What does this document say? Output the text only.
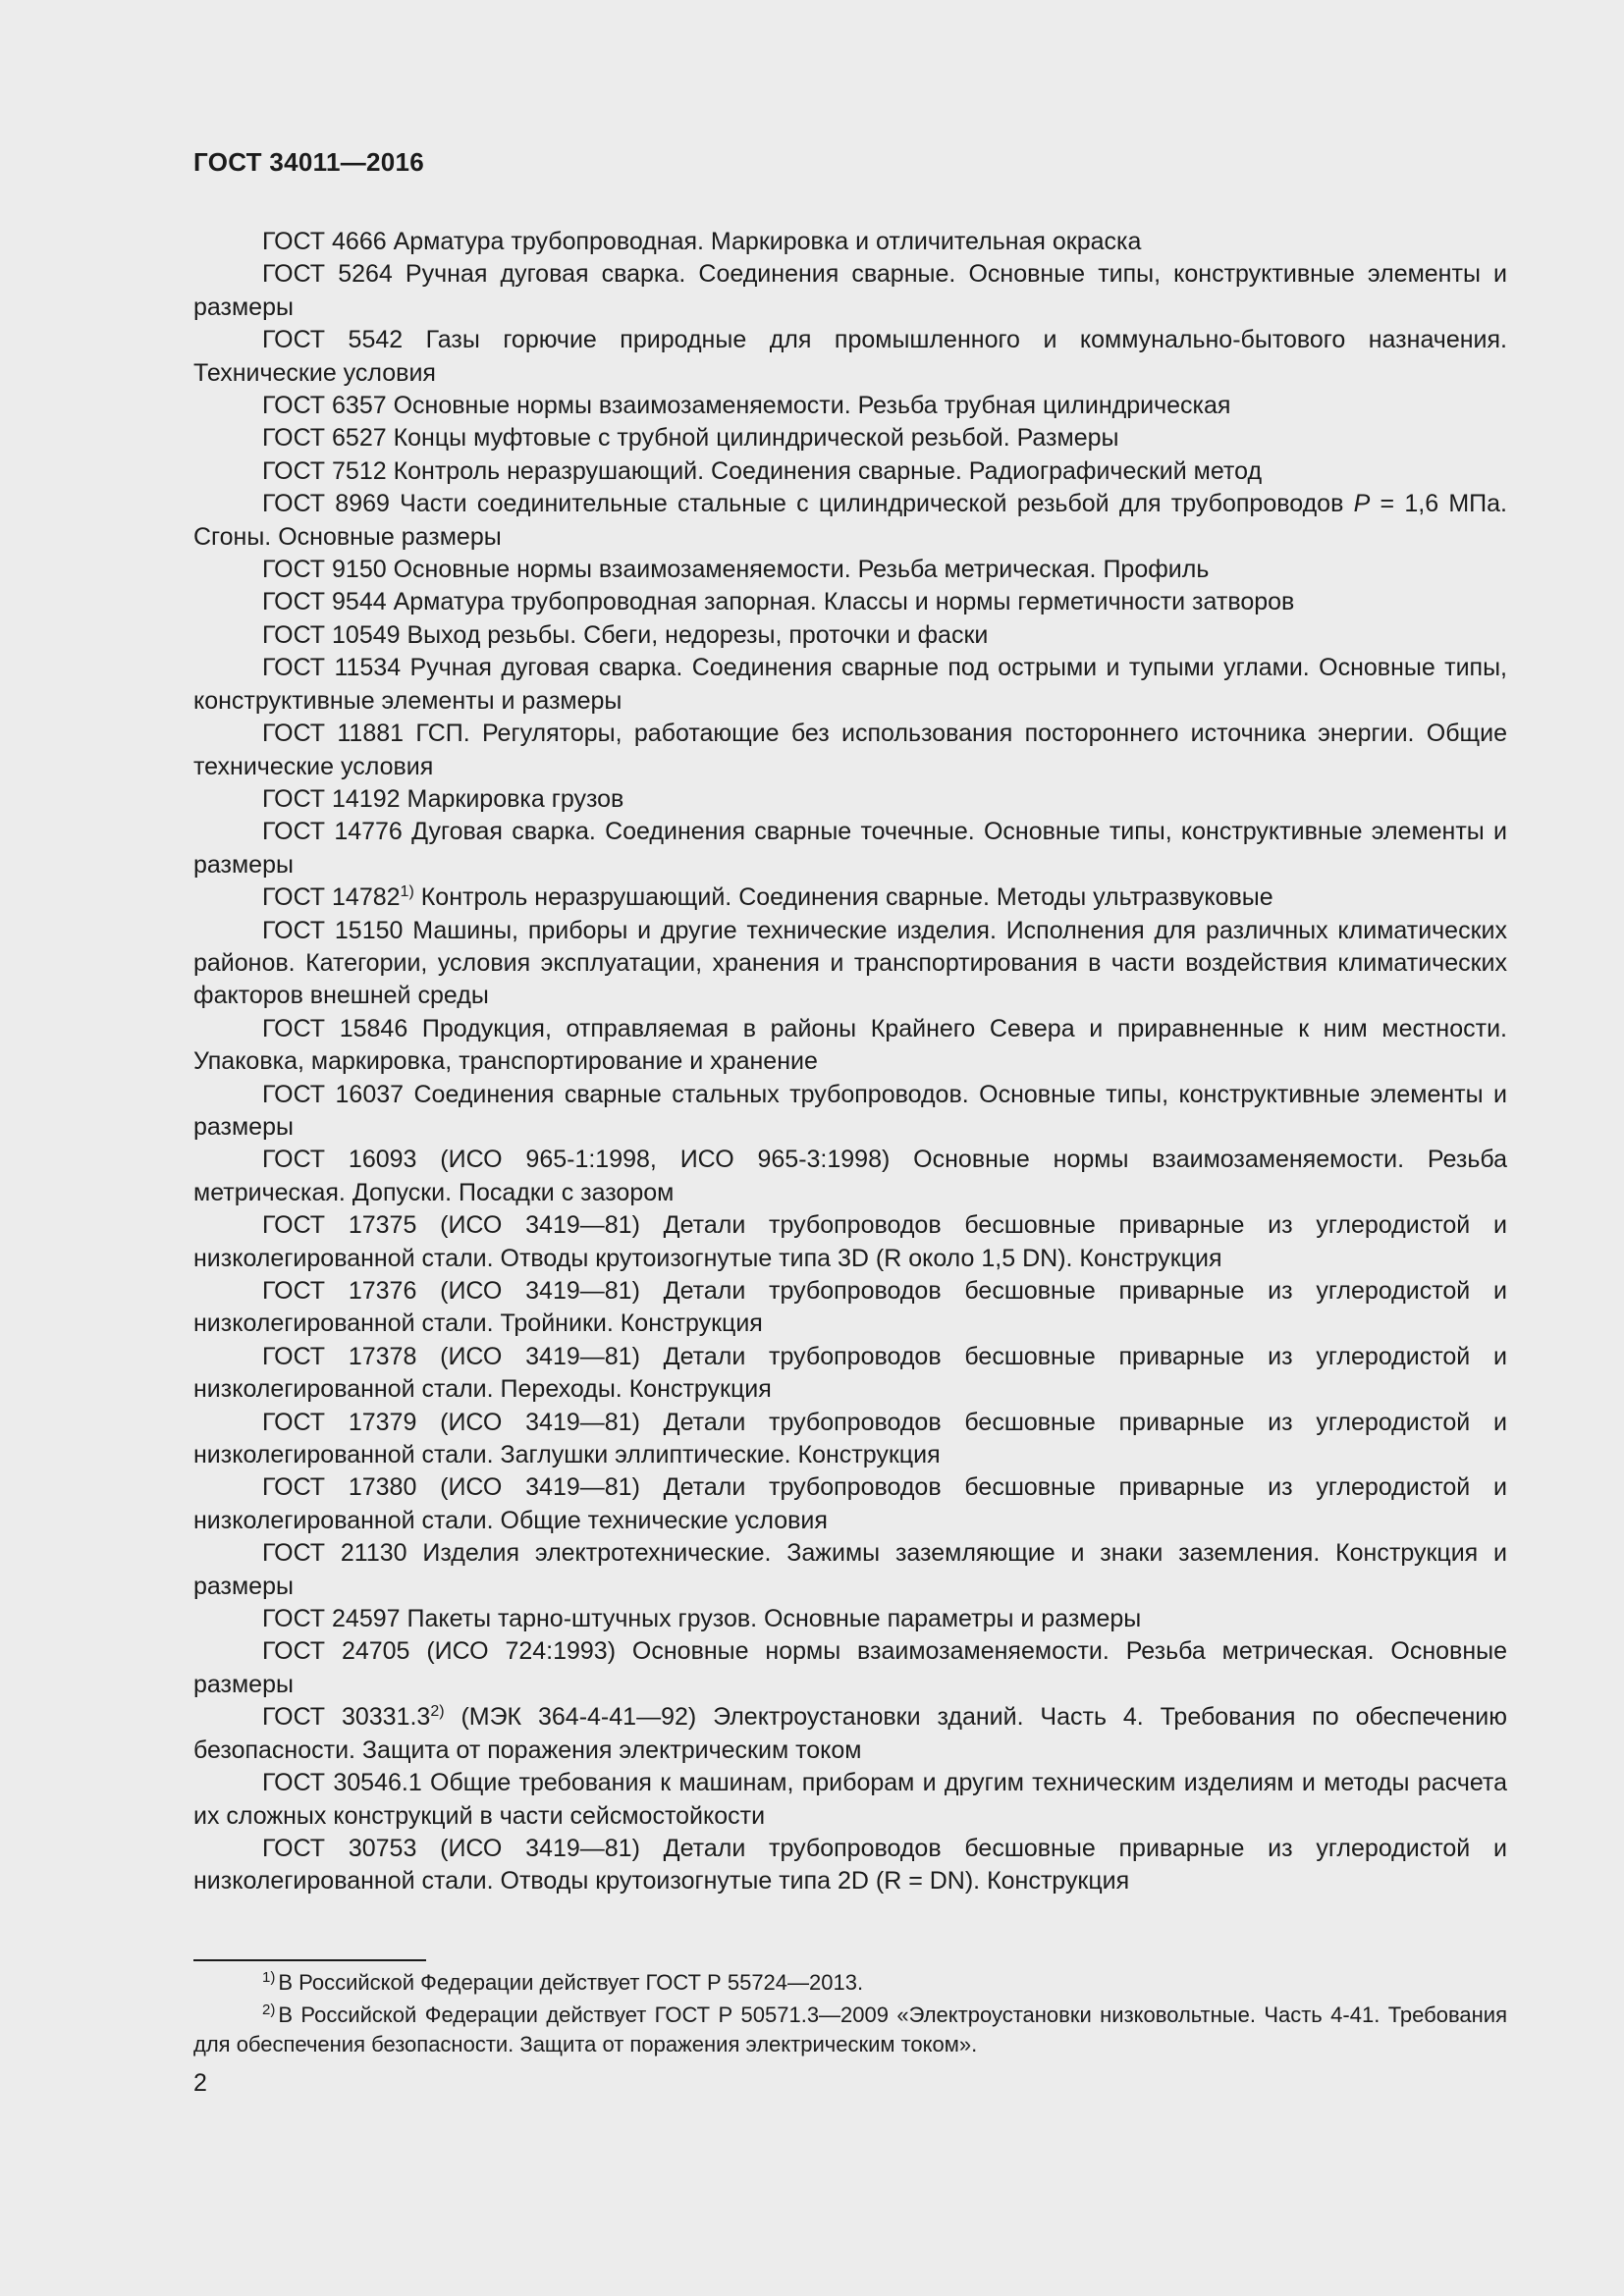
ГОСТ 34011—2016

ГОСТ 4666 Арматура трубопроводная. Маркировка и отличительная окраска

ГОСТ 5264 Ручная дуговая сварка. Соединения сварные. Основные типы, конструктивные элементы и размеры

ГОСТ 5542 Газы горючие природные для промышленного и коммунально-бытового назначения. Технические условия

ГОСТ 6357 Основные нормы взаимозаменяемости. Резьба трубная цилиндрическая

ГОСТ 6527 Концы муфтовые с трубной цилиндрической резьбой. Размеры

ГОСТ 7512 Контроль неразрушающий. Соединения сварные. Радиографический метод

ГОСТ 8969 Части соединительные стальные с цилиндрической резьбой для трубопроводов P = 1,6 МПа. Сгоны. Основные размеры

ГОСТ 9150 Основные нормы взаимозаменяемости. Резьба метрическая. Профиль

ГОСТ 9544 Арматура трубопроводная запорная. Классы и нормы герметичности затворов

ГОСТ 10549 Выход резьбы. Сбеги, недорезы, проточки и фаски

ГОСТ 11534 Ручная дуговая сварка. Соединения сварные под острыми и тупыми углами. Основные типы, конструктивные элементы и размеры

ГОСТ 11881 ГСП. Регуляторы, работающие без использования постороннего источника энергии. Общие технические условия

ГОСТ 14192 Маркировка грузов

ГОСТ 14776 Дуговая сварка. Соединения сварные точечные. Основные типы, конструктивные элементы и размеры

ГОСТ 14782$^{1)}$ Контроль неразрушающий. Соединения сварные. Методы ультразвуковые

ГОСТ 15150 Машины, приборы и другие технические изделия. Исполнения для различных климатических районов. Категории, условия эксплуатации, хранения и транспортирования в части воздействия климатических факторов внешней среды

ГОСТ 15846 Продукция, отправляемая в районы Крайнего Севера и приравненные к ним местности. Упаковка, маркировка, транспортирование и хранение

ГОСТ 16037 Соединения сварные стальных трубопроводов. Основные типы, конструктивные элементы и размеры

ГОСТ 16093 (ИСО 965-1:1998, ИСО 965-3:1998) Основные нормы взаимозаменяемости. Резьба метрическая. Допуски. Посадки с зазором

ГОСТ 17375 (ИСО 3419—81) Детали трубопроводов бесшовные приварные из углеродистой и низколегированной стали. Отводы крутоизогнутые типа 3D (R около 1,5 DN). Конструкция

ГОСТ 17376 (ИСО 3419—81) Детали трубопроводов бесшовные приварные из углеродистой и низколегированной стали. Тройники. Конструкция

ГОСТ 17378 (ИСО 3419—81) Детали трубопроводов бесшовные приварные из углеродистой и низколегированной стали. Переходы. Конструкция

ГОСТ 17379 (ИСО 3419—81) Детали трубопроводов бесшовные приварные из углеродистой и низколегированной стали. Заглушки эллиптические. Конструкция

ГОСТ 17380 (ИСО 3419—81) Детали трубопроводов бесшовные приварные из углеродистой и низколегированной стали. Общие технические условия

ГОСТ 21130 Изделия электротехнические. Зажимы заземляющие и знаки заземления. Конструкция и размеры

ГОСТ 24597 Пакеты тарно-штучных грузов. Основные параметры и размеры

ГОСТ 24705 (ИСО 724:1993) Основные нормы взаимозаменяемости. Резьба метрическая. Основные размеры

ГОСТ 30331.3$^{2)}$ (МЭК 364-4-41—92) Электроустановки зданий. Часть 4. Требования по обеспечению безопасности. Защита от поражения электрическим током

ГОСТ 30546.1 Общие требования к машинам, приборам и другим техническим изделиям и методы расчета их сложных конструкций в части сейсмостойкости

ГОСТ 30753 (ИСО 3419—81) Детали трубопроводов бесшовные приварные из углеродистой и низколегированной стали. Отводы крутоизогнутые типа 2D (R = DN). Конструкция

$^{1)}$ В Российской Федерации действует ГОСТ Р 55724—2013.

$^{2)}$ В Российской Федерации действует ГОСТ Р 50571.3—2009 «Электроустановки низковольтные. Часть 4-41. Требования для обеспечения безопасности. Защита от поражения электрическим током».

2
